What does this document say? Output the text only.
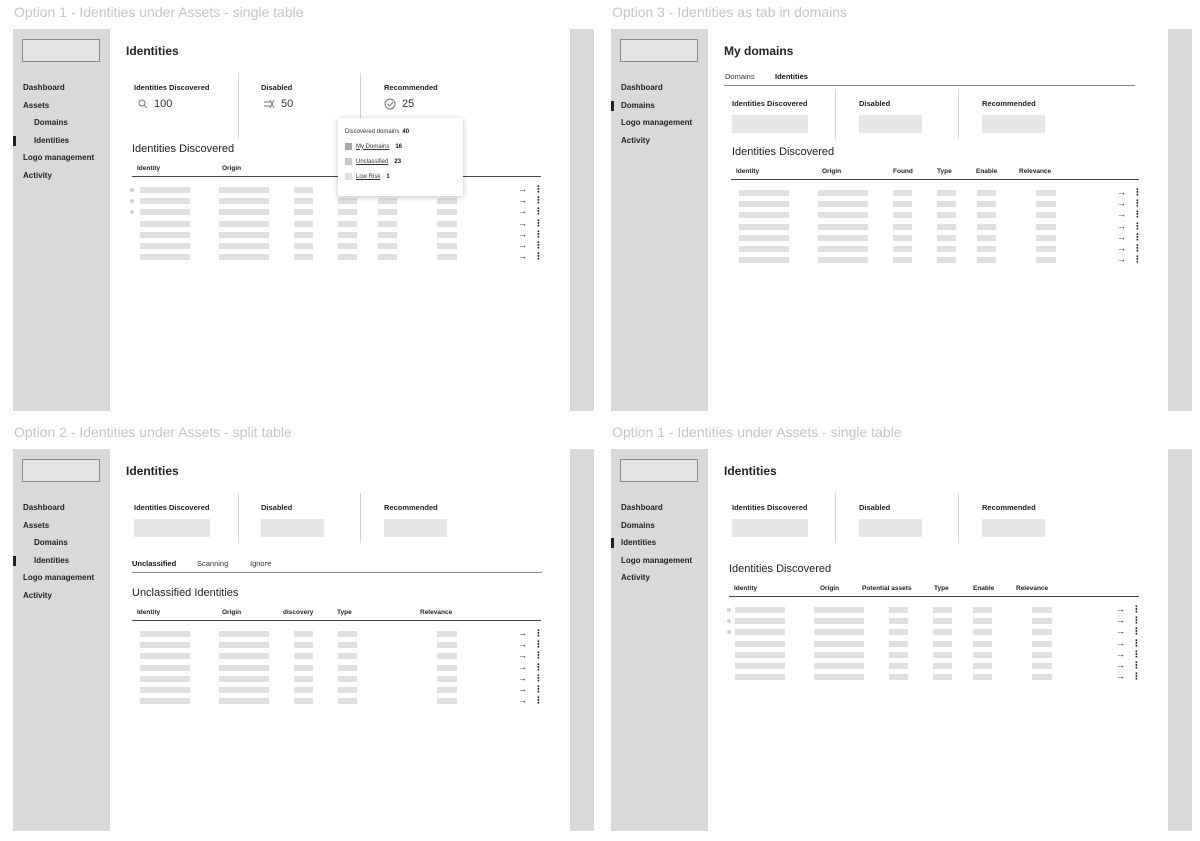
Option 1 - Identities under Assets - single table	Option 3 - Identities as tab in domains
Option 2 - Identities under Assets - split table	Option 1 - Identities under Assets - single table
Dashboard
Assets
Domains
Identities
Logo management
Activity
Identities
Identities Discovered
100
Disabled
50
Recommended
25
Identities Discovered
Identity	Origin
→ ⋮
→ ⋮
→ ⋮
→ ⋮
→ ⋮
→ ⋮
→ ⋮
Discovered domains 40
My Domains 16
Unclassified 23
Low Risk 1
Dashboard
Domains
Logo management
Activity
My domains
Domains	Identities
Identities Discovered	Disabled	Recommended
Identities Discovered
Identity	Origin	Found	Type	Enable	Relevance
→ ⋮
→ ⋮
→ ⋮
→ ⋮
→ ⋮
→ ⋮
→ ⋮
Dashboard
Assets
Domains
Identities
Logo management
Activity
Identities
Identities Discovered	Disabled	Recommended
Unclassified	Scanning	Ignore
Unclassified Identities
Identity	Origin	discovery	Type	Relevance
→ ⋮
→ ⋮
→ ⋮
→ ⋮
→ ⋮
→ ⋮
→ ⋮
Dashboard
Domains
Identities
Logo management
Activity
Identities
Identities Discovered	Disabled	Recommended
Identities Discovered
Identity	Origin	Potential assets	Type	Enable	Relevance
→ ⋮
→ ⋮
→ ⋮
→ ⋮
→ ⋮
→ ⋮
→ ⋮
